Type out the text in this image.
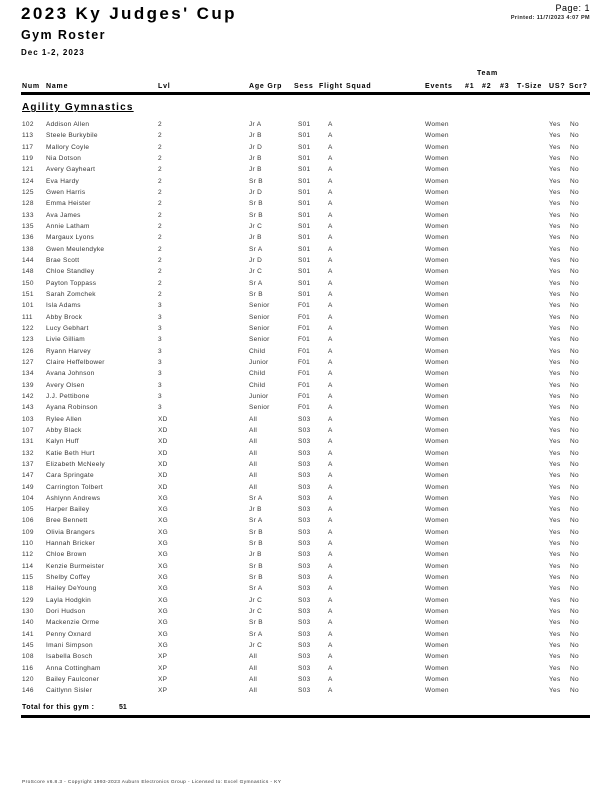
2023 Ky Judges' Cup
Gym Roster
Dec 1-2, 2023
Page: 1
Printed: 11/7/2023 4:07 PM
Team
Num Name	Lvl	Age Grp Sess Flight Squad	Events #1 #2 #3 T-Size US? Scr?
Agility Gymnastics
102 Addison Allen	2	Jr A	S01	A	Women	Yes No
113 Steele Burkybile	2	Jr B	S01	A	Women	Yes No
117 Mallory Coyle	2	Jr D	S01	A	Women	Yes No
119 Nia Dotson	2	Jr B	S01	A	Women	Yes No
121 Avery Gayheart	2	Jr B	S01	A	Women	Yes No
124 Eva Hardy	2	Sr B	S01	A	Women	Yes No
125 Gwen Harris	2	Jr D	S01	A	Women	Yes No
128 Emma Heister	2	Sr B	S01	A	Women	Yes No
133 Ava James	2	Sr B	S01	A	Women	Yes No
135 Annie Latham	2	Jr C	S01	A	Women	Yes No
136 Margaux Lyons	2	Jr B	S01	A	Women	Yes No
138 Gwen Meulendyke	2	Sr A	S01	A	Women	Yes No
144 Brae Scott	2	Jr D	S01	A	Women	Yes No
148 Chloe Standley	2	Jr C	S01	A	Women	Yes No
150 Payton Toppass	2	Sr A	S01	A	Women	Yes No
151 Sarah Zomchek	2	Sr B	S01	A	Women	Yes No
101 Isla Adams	3	Senior	F01	A	Women	Yes No
111 Abby Brock	3	Senior	F01	A	Women	Yes No
122 Lucy Gebhart	3	Senior	F01	A	Women	Yes No
123 Livie Gilliam	3	Senior	F01	A	Women	Yes No
126 Ryann Harvey	3	Child	F01	A	Women	Yes No
127 Claire Heffelbower	3	Junior	F01	A	Women	Yes No
134 Avana Johnson	3	Child	F01	A	Women	Yes No
139 Avery Olsen	3	Child	F01	A	Women	Yes No
142 J.J. Pettibone	3	Junior	F01	A	Women	Yes No
143 Ayana Robinson	3	Senior	F01	A	Women	Yes No
103 Rylee Allen	XD	All	S03	A	Women	Yes No
107 Abby Black	XD	All	S03	A	Women	Yes No
131 Kalyn Huff	XD	All	S03	A	Women	Yes No
132 Katie Beth Hurt	XD	All	S03	A	Women	Yes No
137 Elizabeth McNeely	XD	All	S03	A	Women	Yes No
147 Cara Springate	XD	All	S03	A	Women	Yes No
149 Carrington Tolbert	XD	All	S03	A	Women	Yes No
104 Ashlynn Andrews	XG	Sr A	S03	A	Women	Yes No
105 Harper Bailey	XG	Jr B	S03	A	Women	Yes No
106 Bree Bennett	XG	Sr A	S03	A	Women	Yes No
109 Olivia Brangers	XG	Sr B	S03	A	Women	Yes No
110 Hannah Bricker	XG	Sr B	S03	A	Women	Yes No
112 Chloe Brown	XG	Jr B	S03	A	Women	Yes No
114 Kenzie Burmeister	XG	Sr B	S03	A	Women	Yes No
115 Shelby Coffey	XG	Sr B	S03	A	Women	Yes No
118 Hailey DeYoung	XG	Sr A	S03	A	Women	Yes No
129 Layla Hodgkin	XG	Jr C	S03	A	Women	Yes No
130 Dori Hudson	XG	Jr C	S03	A	Women	Yes No
140 Mackenzie Orme	XG	Sr B	S03	A	Women	Yes No
141 Penny Oxnard	XG	Sr A	S03	A	Women	Yes No
145 Imani Simpson	XG	Jr C	S03	A	Women	Yes No
108 Isabella Bosch	XP	All	S03	A	Women	Yes No
116 Anna Cottingham	XP	All	S03	A	Women	Yes No
120 Bailey Faulconer	XP	All	S03	A	Women	Yes No
146 Caitlynn Sisler	XP	All	S03	A	Women	Yes No
Total for this gym :	51
ProScore v6.8.3 - Copyright 1993-2023 Auburn Electronics Group - Licensed to: Excel Gymnastics - KY
